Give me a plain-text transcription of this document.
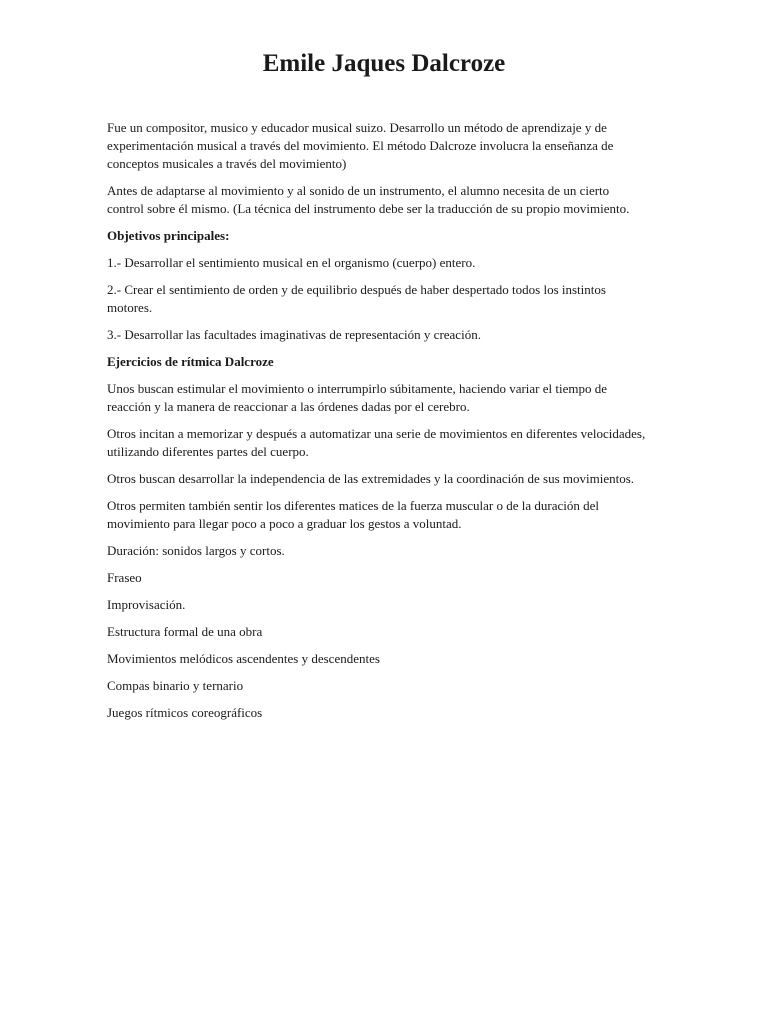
Emile Jaques Dalcroze

Fue un compositor, musico y educador musical suizo. Desarrollo un método de aprendizaje y de experimentación musical a través del movimiento. El método Dalcroze involucra la enseñanza de conceptos musicales a través del movimiento)

Antes de adaptarse al movimiento y al sonido de un instrumento, el alumno necesita de un cierto control sobre él mismo. (La técnica del instrumento debe ser la traducción de su propio movimiento.

Objetivos principales:

1.- Desarrollar el sentimiento musical en el organismo (cuerpo) entero.

2.- Crear el sentimiento de orden y de equilibrio después de haber despertado todos los instintos motores.

3.- Desarrollar las facultades imaginativas de representación y creación.

Ejercicios de rítmica Dalcroze

Unos buscan estimular el movimiento o interrumpirlo súbitamente, haciendo variar el tiempo de reacción y la manera de reaccionar a las órdenes dadas por el cerebro.

Otros incitan a memorizar y después a automatizar una serie de movimientos en diferentes velocidades, utilizando diferentes partes del cuerpo.

Otros buscan desarrollar la independencia de las extremidades y la coordinación de sus movimientos.

Otros permiten también sentir los diferentes matices de la fuerza muscular o de la duración del movimiento para llegar poco a poco a graduar los gestos a voluntad.

Duración: sonidos largos y cortos.

Fraseo

Improvisación.

Estructura formal de una obra

Movimientos melódicos ascendentes y descendentes

Compas binario y ternario

Juegos rítmicos coreográficos
